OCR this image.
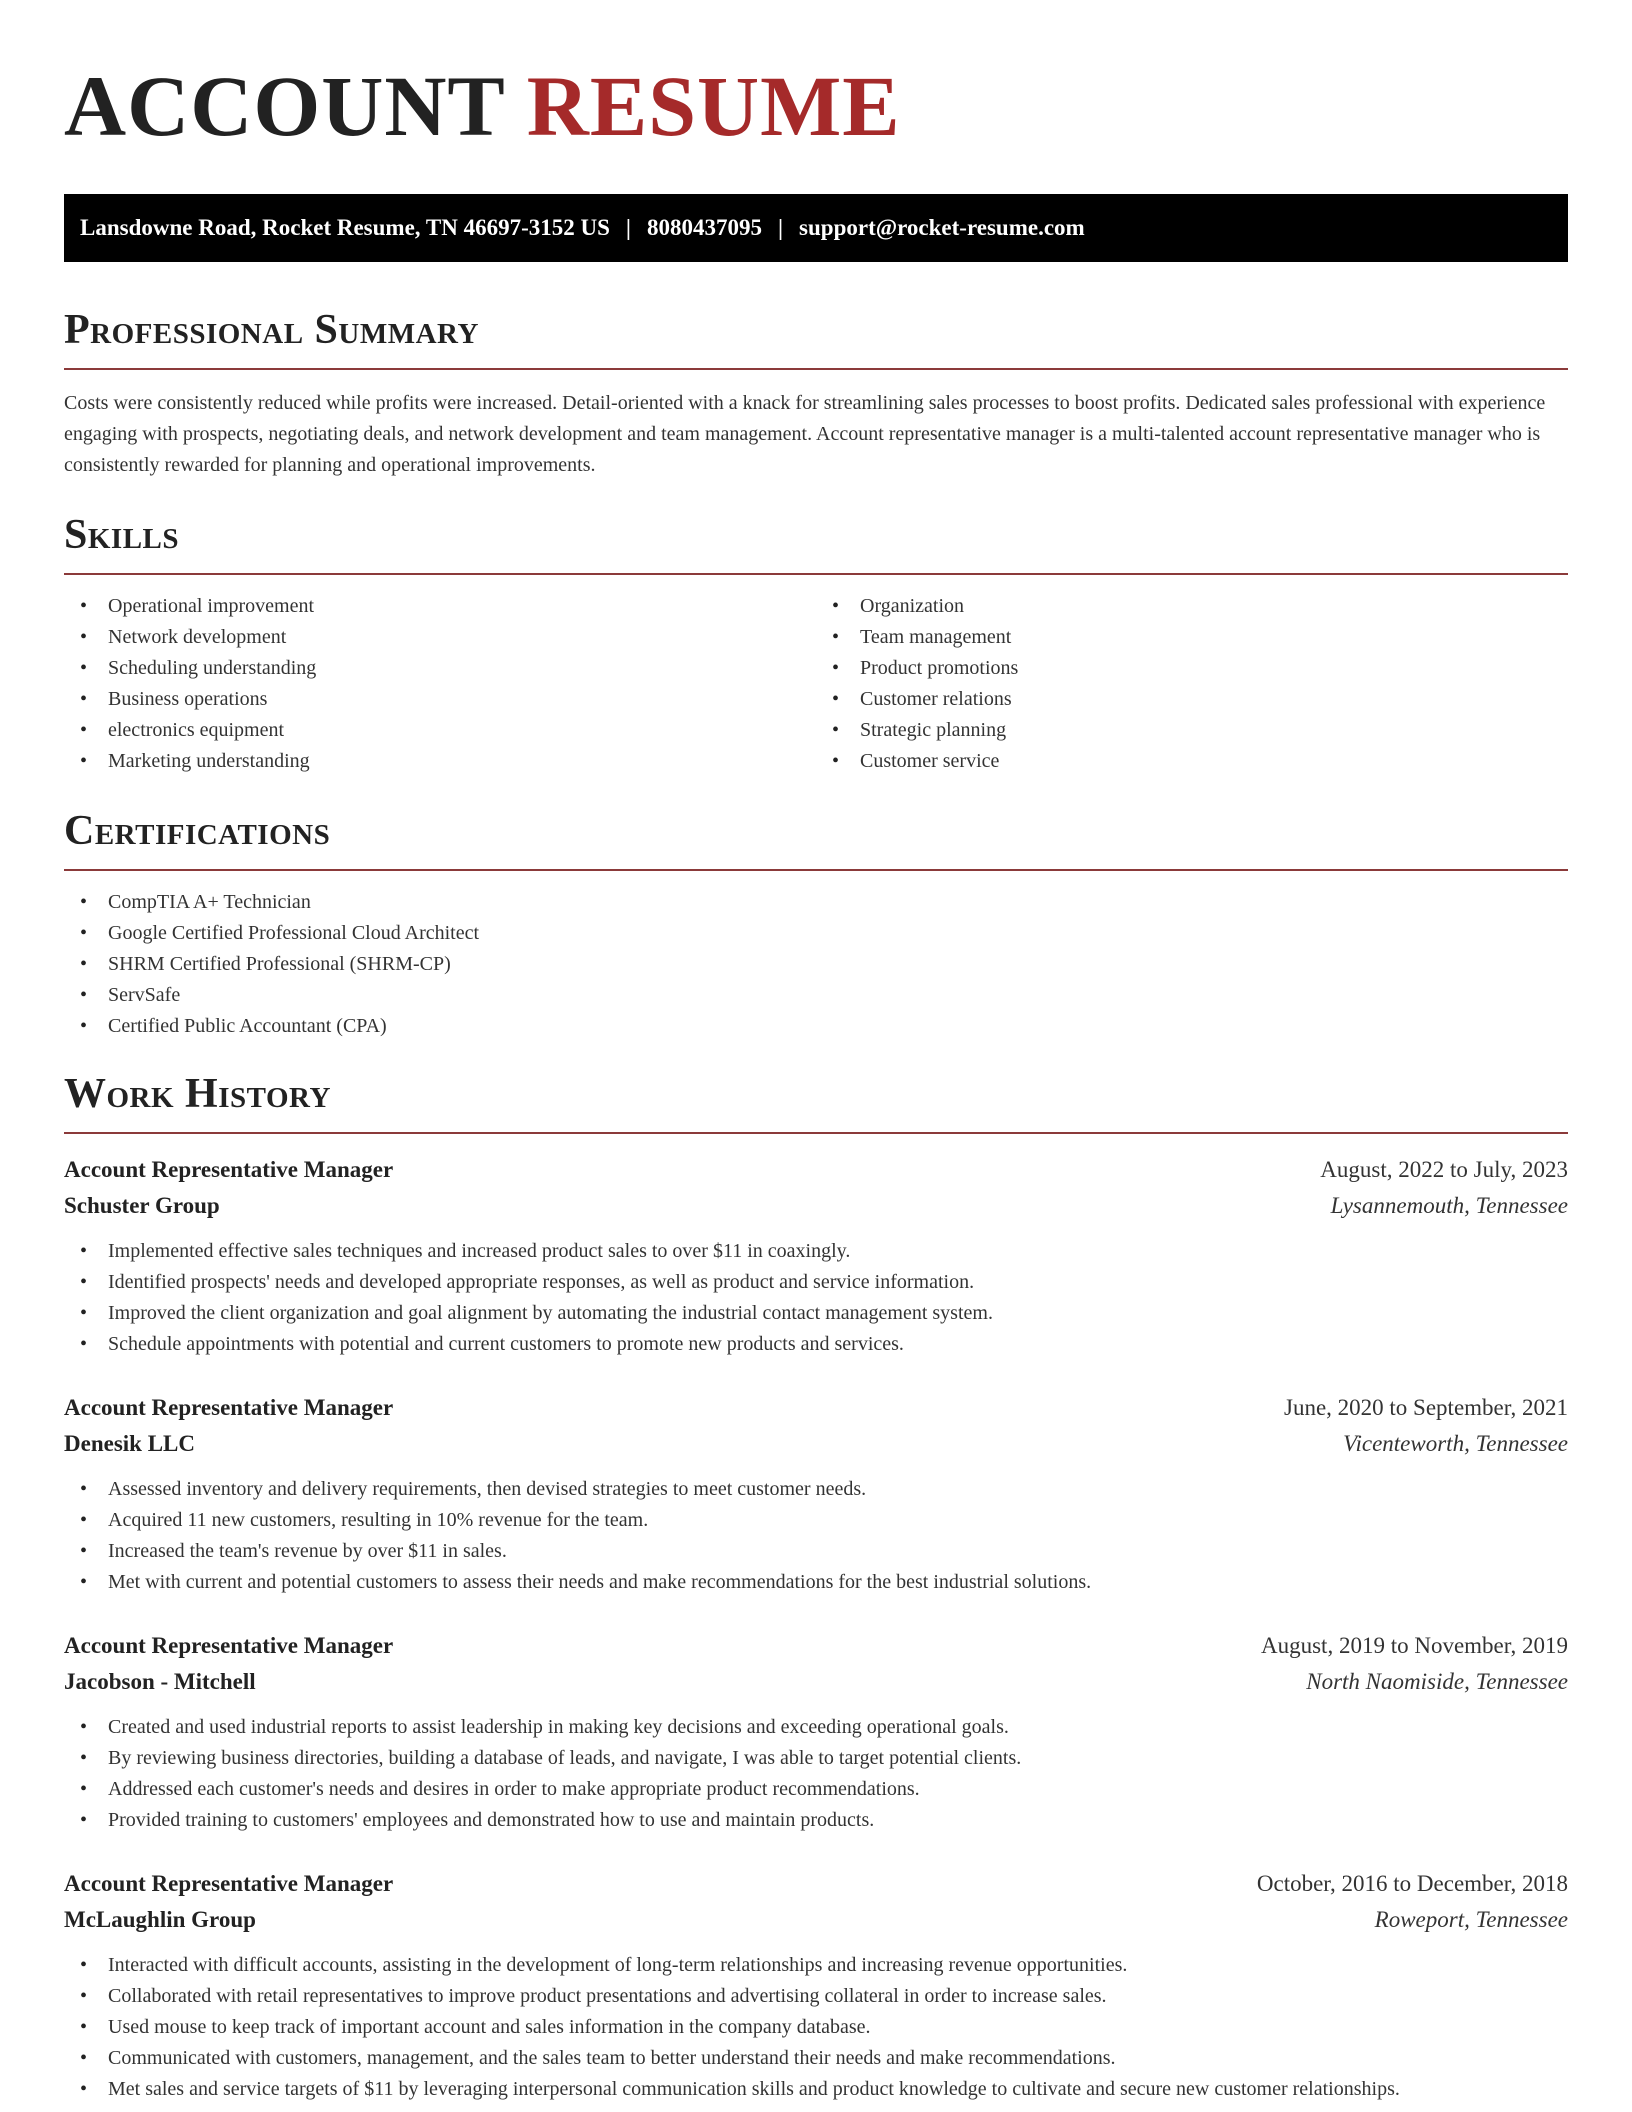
ACCOUNT RESUME
Lansdowne Road, Rocket Resume, TN 46697-3152 US | 8080437095 | support@rocket-resume.com
Professional Summary

Costs were consistently reduced while profits were increased. Detail-oriented with a knack for streamlining sales processes to boost profits. Dedicated sales professional with experience engaging with prospects, negotiating deals, and network development and team management. Account representative manager is a multi-talented account representative manager who is consistently rewarded for planning and operational improvements.

Skills
• Operational improvement
• Network development
• Scheduling understanding
• Business operations
• electronics equipment
• Marketing understanding
• Organization
• Team management
• Product promotions
• Customer relations
• Strategic planning
• Customer service
Certifications
• CompTIA A+ Technician
• Google Certified Professional Cloud Architect
• SHRM Certified Professional (SHRM-CP)
• ServSafe
• Certified Public Accountant (CPA)
Work History
Account Representative Manager	August, 2022 to July, 2023
Schuster Group	Lysannemouth, Tennessee
• Implemented effective sales techniques and increased product sales to over $11 in coaxingly.
• Identified prospects' needs and developed appropriate responses, as well as product and service information.
• Improved the client organization and goal alignment by automating the industrial contact management system.
• Schedule appointments with potential and current customers to promote new products and services.
Account Representative Manager	June, 2020 to September, 2021
Denesik LLC	Vicenteworth, Tennessee
• Assessed inventory and delivery requirements, then devised strategies to meet customer needs.
• Acquired 11 new customers, resulting in 10% revenue for the team.
• Increased the team's revenue by over $11 in sales.
• Met with current and potential customers to assess their needs and make recommendations for the best industrial solutions.
Account Representative Manager	August, 2019 to November, 2019
Jacobson - Mitchell	North Naomiside, Tennessee
• Created and used industrial reports to assist leadership in making key decisions and exceeding operational goals.
• By reviewing business directories, building a database of leads, and navigate, I was able to target potential clients.
• Addressed each customer's needs and desires in order to make appropriate product recommendations.
• Provided training to customers' employees and demonstrated how to use and maintain products.
Account Representative Manager	October, 2016 to December, 2018
McLaughlin Group	Roweport, Tennessee
• Interacted with difficult accounts, assisting in the development of long-term relationships and increasing revenue opportunities.
• Collaborated with retail representatives to improve product presentations and advertising collateral in order to increase sales.
• Used mouse to keep track of important account and sales information in the company database.
• Communicated with customers, management, and the sales team to better understand their needs and make recommendations.
• Met sales and service targets of $11 by leveraging interpersonal communication skills and product knowledge to cultivate and secure new customer relationships.
